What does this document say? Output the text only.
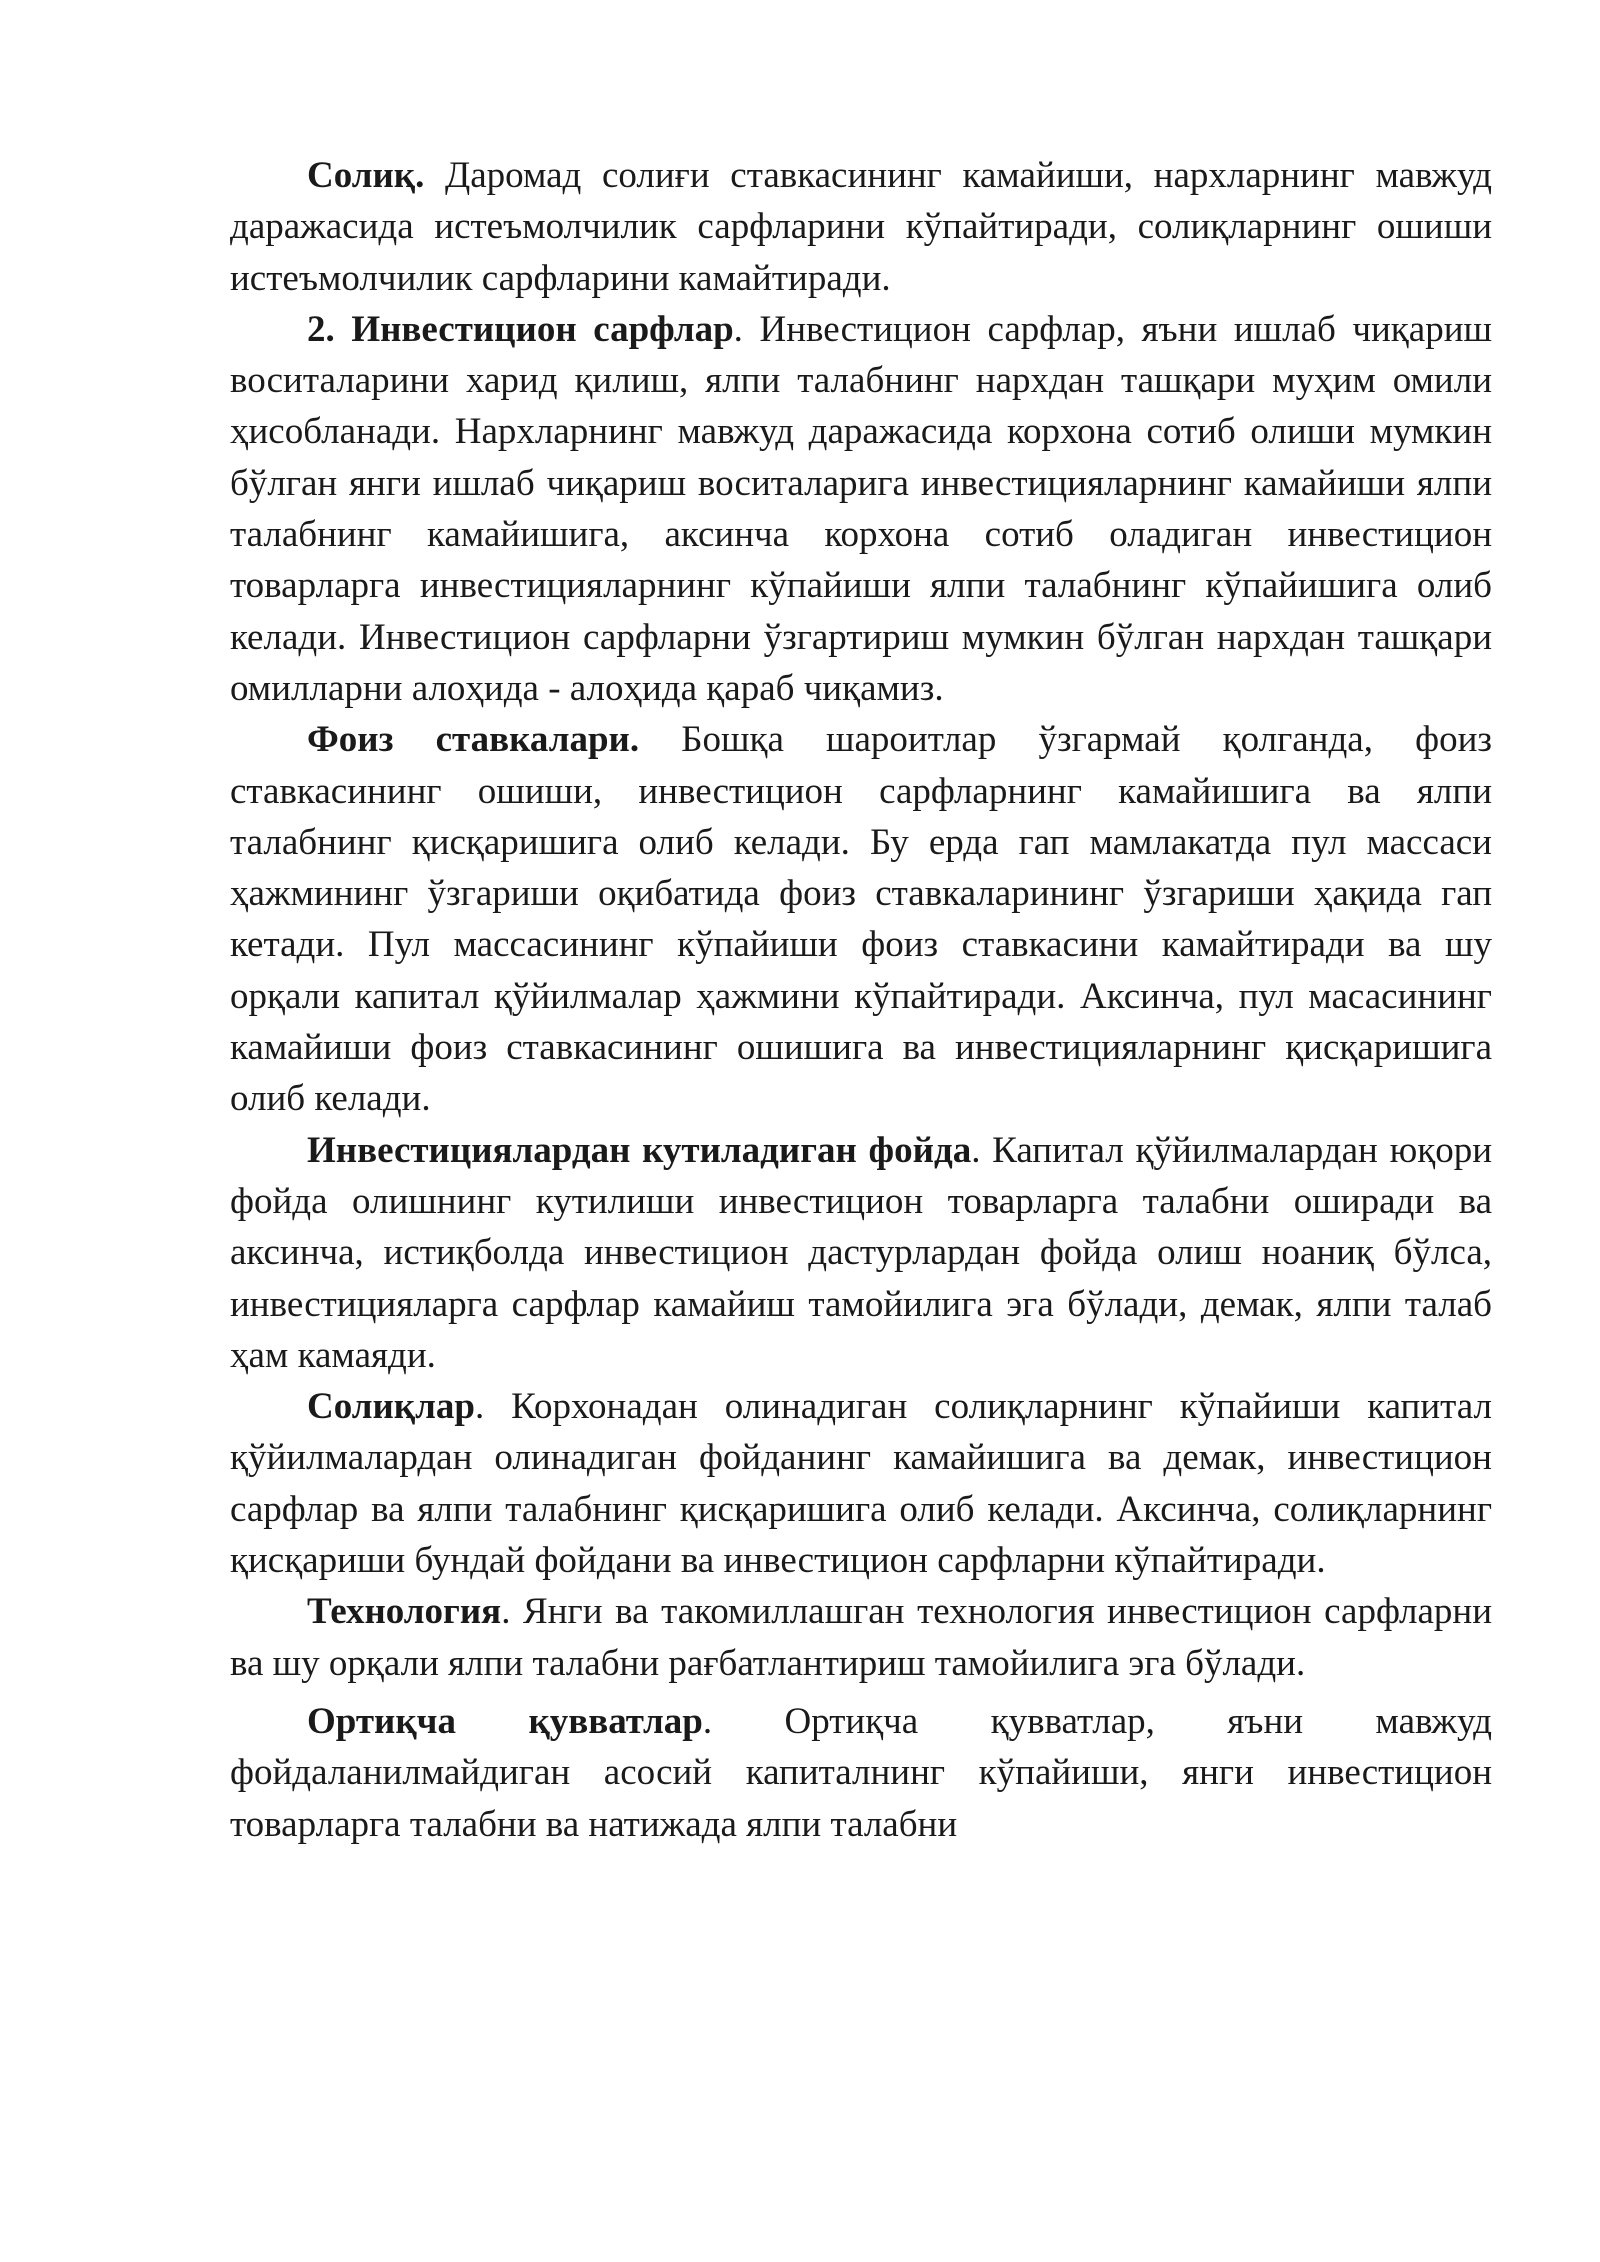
Солиқ. Даромад солиғи ставкасининг камайиши, нархларнинг мавжуд даражасида истеъмолчилик сарфларини кўпайтиради, солиқларнинг ошиши истеъмолчилик сарфларини камайтиради.

2. Инвестицион сарфлар. Инвестицион сарфлар, яъни ишлаб чиқариш воситаларини харид қилиш, ялпи талабнинг нархдан ташқари муҳим омили ҳисобланади. Нархларнинг мавжуд даражасида корхона сотиб олиши мумкин бўлган янги ишлаб чиқариш воситаларига инвестицияларнинг камайиши ялпи талабнинг камайишига, аксинча корхона сотиб оладиган инвестицион товарларга инвестицияларнинг кўпайиши ялпи талабнинг кўпайишига олиб келади. Инвестицион сарфларни ўзгартириш мумкин бўлган нархдан ташқари омилларни алоҳида - алоҳида қараб чиқамиз.

Фоиз ставкалари. Бошқа шароитлар ўзгармай қолганда, фоиз ставкасининг ошиши, инвестицион сарфларнинг камайишига ва ялпи талабнинг қисқаришига олиб келади. Бу ерда гап мамлакатда пул массаси ҳажмининг ўзгариши оқибатида фоиз ставкаларининг ўзгариши ҳақида гап кетади. Пул массасининг кўпайиши фоиз ставкасини камайтиради ва шу орқали капитал қўйилмалар ҳажмини кўпайтиради. Аксинча, пул масасининг камайиши фоиз ставкасининг ошишига ва инвестицияларнинг қисқаришига олиб келади.

Инвестициялардан кутиладиган фойда. Капитал қўйилмалардан юқори фойда олишнинг кутилиши инвестицион товарларга талабни оширади ва аксинча, истиқболда инвестицион дастурлардан фойда олиш ноаниқ бўлса, инвестицияларга сарфлар камайиш тамойилига эга бўлади, демак, ялпи талаб ҳам камаяди.

Солиқлар. Корхонадан олинадиган солиқларнинг кўпайиши капитал қўйилмалардан олинадиган фойданинг камайишига ва демак, инвестицион сарфлар ва ялпи талабнинг қисқаришига олиб келади. Аксинча, солиқларнинг қисқариши бундай фойдани ва инвестицион сарфларни кўпайтиради.

Технология. Янги ва такомиллашган технология инвестицион сарфларни ва шу орқали ялпи талабни рағбатлантириш тамойилига эга бўлади.

Ортиқча қувватлар. Ортиқча қувватлар, яъни мавжуд фойдаланилмайдиган асосий капиталнинг кўпайиши, янги инвестицион товарларга талабни ва натижада ялпи талабни
